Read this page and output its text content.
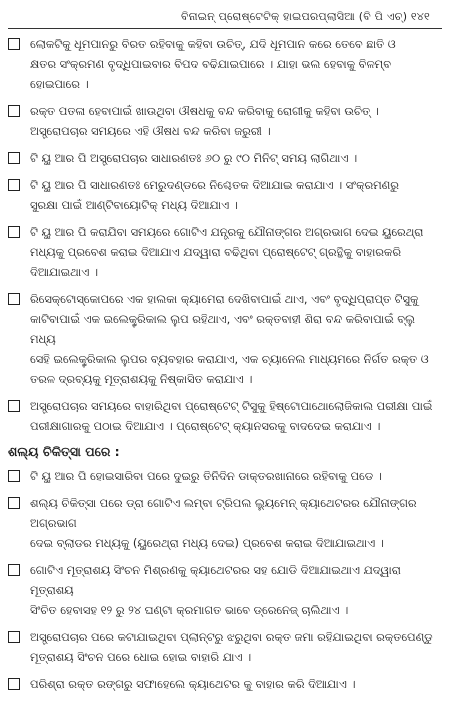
ବିନାଇନ୍ ପ୍ରୋଷ୍ଟେଟିକ୍ ହାଇପରପ୍ଲାସିଆ (ବି ପି ଏଚ୍) ୧୪୧
ଲୋକଟିକୁ ଧୂମପାନରୁ ବିରତ ରହିବାକୁ କହିବା ଉଚିତ୍, ଯଦି ଧୂମପାନ କରେ ତେବେ ଛାତି ଓ
କ୍ଷତର ସଂକ୍ରମଣ ବୃଦ୍ଧିପାଇବାର ବିପଦ ବଢିଯାଇପାରେ । ଯାହା ଭଲ ହେବାକୁ ବିଳମ୍ବ
ହୋଇପାରେ ।
ରକ୍ତ ପତଳା ହେବାପାଇଁ ଖାଉଥିବା ଔଷଧକୁ ବନ୍ଦ କରିବାକୁ ରୋଗୀକୁ କହିବା ଉଚିତ୍ ।
ଅସ୍ତ୍ରୋପଚାର ସମୟରେ ଏହି ଔଷଧ ବନ୍ଦ କରିବା ଜରୁରୀ ।
ଟି ୟୁ ଆର ପି ଅସ୍ତ୍ରୋପଚାର ସାଧାରଣତଃ ୬୦ ରୁ ୯୦ ମିନିଟ୍ ସମୟ ଲାଗିଥାଏ ।
ଟି ୟୁ ଆର ପି ସାଧାରଣତଃ ମେରୁଦଣ୍ଡରେ ନିଶ୍ଚେତକ ଦିଆଯାଇ କରାଯାଏ । ସଂକ୍ରମଣରୁ
ସୁରକ୍ଷା ପାଇଁ ଆଣ୍ଟିବାୟୋଟିକ୍ ମଧ୍ୟ ଦିଆଯାଏ ।
ଟି ୟୁ ଆର ପି କରାଯିବା ସମୟରେ ଗୋଟିଏ ଯନ୍ତ୍ରକୁ ଯୌନାଙ୍ଗର ଅଗ୍ରଭାଗ ଦେଇ ୟୁରେଥ୍ରା
ମଧ୍ୟକୁ ପ୍ରବେଶ କରାଇ ଦିଆଯାଏ ଯଦ୍ୱାରା ବଢିଥିବା ପ୍ରୋଷ୍ଟେଟ୍ ଗ୍ରନ୍ଥିକୁ ବାହାରକରି
ଦିଆଯାଇଥାଏ ।
ରିସେକ୍ଟୋସ୍କୋପରେ ଏକ ହାଲକା କ୍ୟାମେରା ଦେଖିବାପାଇଁ ଥାଏ, ଏବଂ ବୃଦ୍ଧିପ୍ରାପ୍ତ ଟିସୁକୁ
କାଟିବାପାଇଁ ଏକ ଇଲେକ୍ଟ୍ରିକାଲ ଲୁପ ରହିଥାଏ, ଏବଂ ରକ୍ତବାହୀ ଶିରା ବନ୍ଦ କରିବାପାଇଁ ବ୍ଲୁ ମଧ୍ୟ
ସେହି ଇଲେକ୍ଟ୍ରିକାଲ ଲୁପର ବ୍ୟବହାର କରାଯାଏ, ଏକ ଚ୍ୟାନେଲ ମାଧ୍ୟମରେ ନିର୍ଗତ ରକ୍ତ ଓ
ତରଳ ଦ୍ରବ୍ୟକୁ ମୂତ୍ରାଶୟକୁ ନିଷ୍କାସିତ କରାଯାଏ ।
ଅସ୍ତ୍ରୋପଚାର ସମୟରେ ବାହାରିଥିବା ପ୍ରୋଷ୍ଟେଟ୍ ଟିସୁକୁ ହିଷ୍ଟୋପାଥୋଲୋଜିକାଲ ପରୀକ୍ଷା ପାଇଁ
ପରୀକ୍ଷାଗାରକୁ ପଠାଇ ଦିଆଯାଏ । ପ୍ରୋଷ୍ଟେଟ୍ କ୍ୟାନସରକୁ ବାଦଦେଇ କରାଯାଏ ।
ଶଲ୍ୟ ଚିକିତ୍ସା ପରେ :
ଟି ୟୁ ଆର ପି ହୋଇସାରିବା ପରେ ଦୁଇରୁ ତିନିଦିନ ଡାକ୍ତରଖାନାରେ ରହିବାକୁ ପଡେ ।
ଶଲ୍ୟ ଚିକିତ୍ସା ପରେ ଡ୍ରା ଗୋଟିଏ ଲମ୍ବା ଟ୍ରିପଲ ଲ୍ୟୁମେନ୍ କ୍ୟାଥେଟରର ଯୌନାଙ୍ଗର ଅଗ୍ରଭାଗ
ଦେଇ ବ୍ଲାଡର ମଧ୍ୟକୁ (ୟୁରେଥ୍ରା ମଧ୍ୟ ଦେଇ) ପ୍ରବେଶ କରାଇ ଦିଆଯାଇଥାଏ ।
ଗୋଟିଏ ମୂତ୍ରାଶୟ ସିଂଚନ ମିଶ୍ରଣକୁ କ୍ୟାଥେଟରର ସହ ଯୋଡି ଦିଆଯାଇଥାଏ ଯଦ୍ୱାରା ମୂତ୍ରାଶୟ
ସିଂଚିତ ହେବାସହ ୧୨ ରୁ ୨୪ ଘଣ୍ଟା କ୍ରମାଗତ ଭାବେ ଡ୍ରେନେଜ୍ ଚାଲିଥାଏ ।
ଅସ୍ତ୍ରୋପଚାର ପରେ କଟାଯାଇଥିବା ପ୍ଲାନ୍ଟରୁ ଝରୁଥିବା ରକ୍ତ ଜମା ରହିଯାଇଥିବା ରକ୍ତପେଣ୍ଡୁ
ମୂତ୍ରାଶୟ ସିଂଚନ ପରେ ଧୋଇ ହୋଇ ବାହାରି ଯାଏ ।
ପରିଶ୍ରା ରକ୍ତ ରଙ୍ଗରୁ ସଫାହେଲେ କ୍ୟାଥେଟର କୁ ବାହାର କରି ଦିଆଯାଏ ।
